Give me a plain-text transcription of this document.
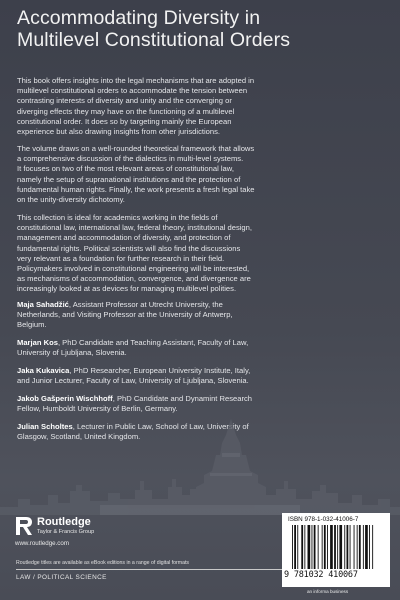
Accommodating Diversity in
Multilevel Constitutional Orders

This book offers insights into the legal mechanisms that are adopted in
multilevel constitutional orders to accommodate the tension between
contrasting interests of diversity and unity and the converging or
diverging effects they may have on the functioning of a multilevel
constitutional order. It does so by targeting mainly the European
experience but also drawing insights from other jurisdictions.

The volume draws on a well-rounded theoretical framework that allows
a comprehensive discussion of the dialectics in multi-level systems.
It focuses on two of the most relevant areas of constitutional law,
namely the setup of supranational institutions and the protection of
fundamental human rights. Finally, the work presents a fresh legal take
on the unity-diversity dichotomy.

This collection is ideal for academics working in the fields of
constitutional law, international law, federal theory, institutional design,
management and accommodation of diversity, and protection of
fundamental rights. Political scientists will also find the discussions
very relevant as a foundation for further research in their field.
Policymakers involved in constitutional engineering will be interested,
as mechanisms of accommodation, convergence, and divergence are
increasingly looked at as devices for managing multilevel polities.

Maja Sahadžić, Assistant Professor at Utrecht University, the
Netherlands, and Visiting Professor at the University of Antwerp,
Belgium.

Marjan Kos, PhD Candidate and Teaching Assistant, Faculty of Law,
University of Ljubljana, Slovenia.

Jaka Kukavica, PhD Researcher, European University Institute, Italy,
and Junior Lecturer, Faculty of Law, University of Ljubljana, Slovenia.

Jakob Gašperin Wischhoff, PhD Candidate and Dynamint Research
Fellow, Humboldt University of Berlin, Germany.

Julian Scholtes, Lecturer in Public Law, School of Law, University of
Glasgow, Scotland, United Kingdom.

Routledge
Taylor & Francis Group
www.routledge.com
Routledge titles are available as eBook editions in a range of digital formats
LAW / POLITICAL SCIENCE
ISBN 978-1-032-41006-7
9 781032 410067
an informa business
